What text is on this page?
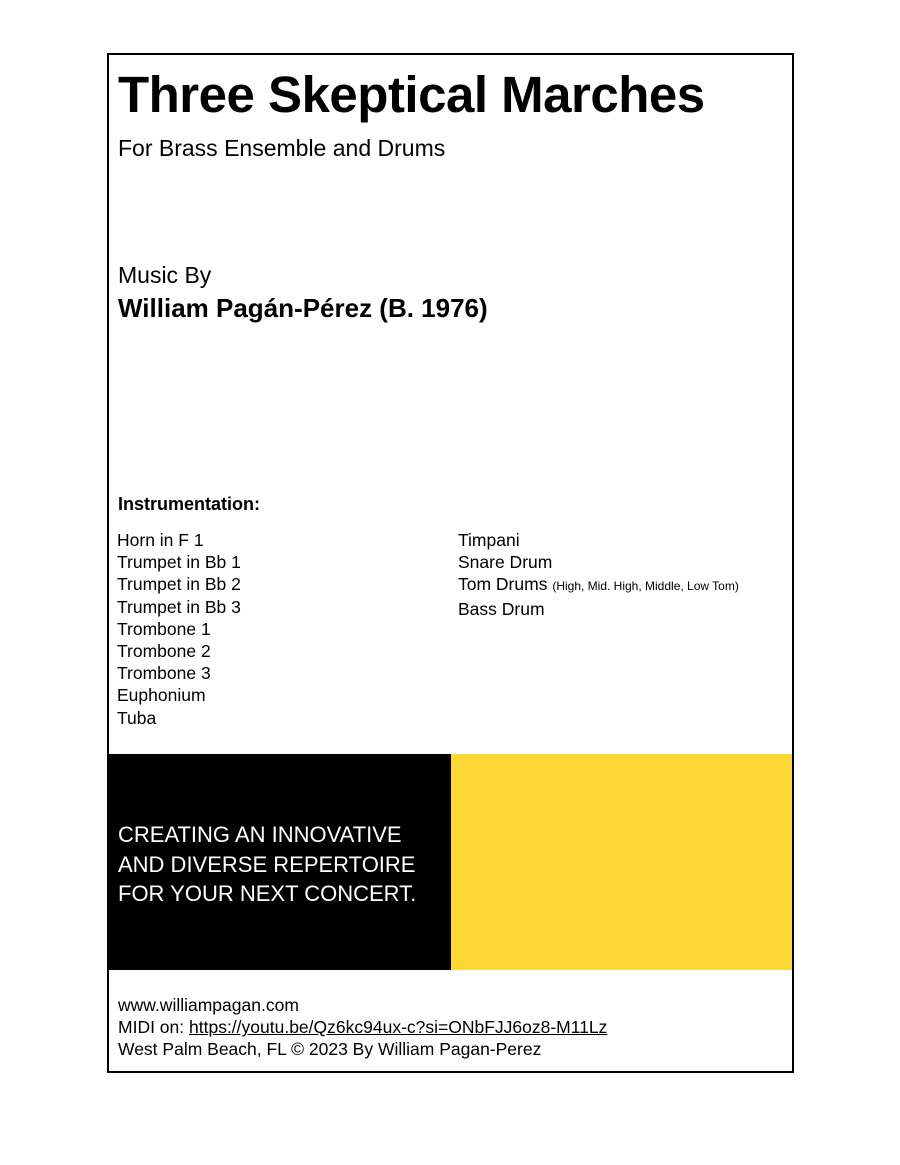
Three Skeptical Marches
For Brass Ensemble and Drums
Music By
William Pagán-Pérez (B. 1976)
Instrumentation:
Horn in F 1
Trumpet in Bb 1
Trumpet in Bb 2
Trumpet in Bb 3
Trombone 1
Trombone 2
Trombone 3
Euphonium
Tuba
Timpani
Snare Drum
Tom Drums (High, Mid. High, Middle, Low Tom)
Bass Drum
CREATING AN INNOVATIVE
AND DIVERSE REPERTOIRE
FOR YOUR NEXT CONCERT.
www.williampagan.com
MIDI on: https://youtu.be/Qz6kc94ux-c?si=ONbFJJ6oz8-M11Lz
West Palm Beach, FL © 2023 By William Pagan-Perez
